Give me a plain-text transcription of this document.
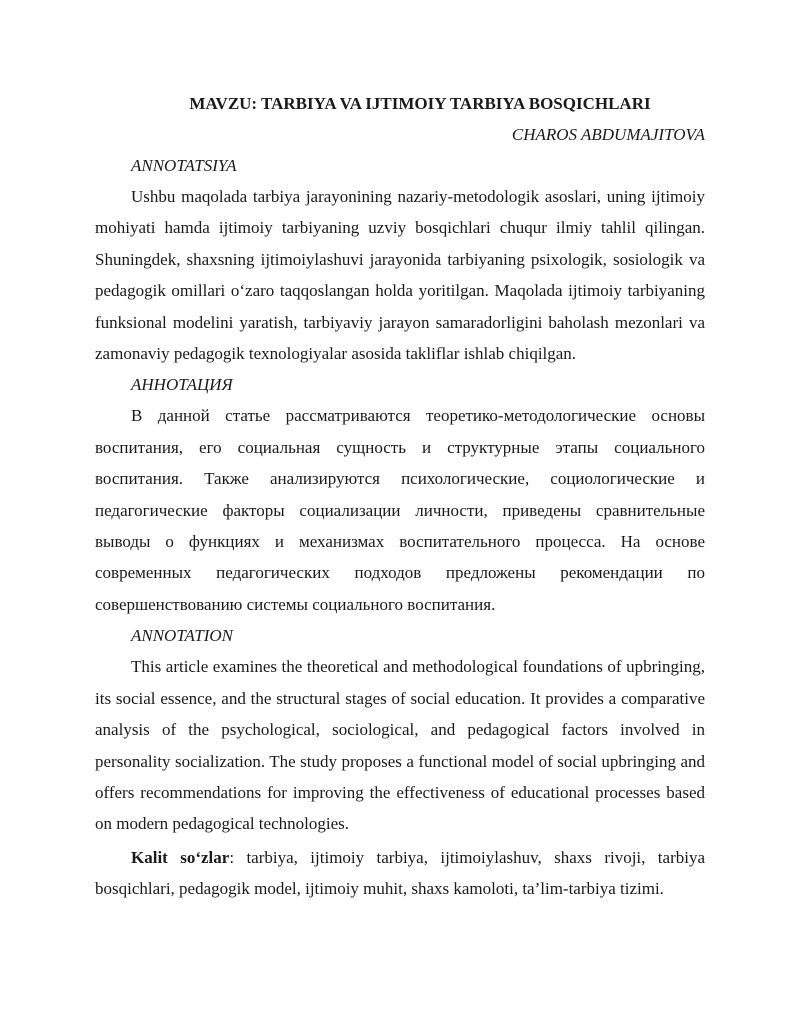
MAVZU: TARBIYA VA IJTIMOIY TARBIYA BOSQICHLARI

CHAROS ABDUMAJITOVA

ANNOTATSIYA

Ushbu maqolada tarbiya jarayonining nazariy-metodologik asoslari, uning ijtimoiy mohiyati hamda ijtimoiy tarbiyaning uzviy bosqichlari chuqur ilmiy tahlil qilingan. Shuningdek, shaxsning ijtimoiylashuvi jarayonida tarbiyaning psixologik, sosiologik va pedagogik omillari o‘zaro taqqoslangan holda yoritilgan. Maqolada ijtimoiy tarbiyaning funksional modelini yaratish, tarbiyaviy jarayon samaradorligini baholash mezonlari va zamonaviy pedagogik texnologiyalar asosida takliflar ishlab chiqilgan.

АННОТАЦИЯ

В данной статье рассматриваются теоретико-методологические основы воспитания, его социальная сущность и структурные этапы социального воспитания. Также анализируются психологические, социологические и педагогические факторы социализации личности, приведены сравнительные выводы о функциях и механизмах воспитательного процесса. На основе современных педагогических подходов предложены рекомендации по совершенствованию системы социального воспитания.

ANNOTATION

This article examines the theoretical and methodological foundations of upbringing, its social essence, and the structural stages of social education. It provides a comparative analysis of the psychological, sociological, and pedagogical factors involved in personality socialization. The study proposes a functional model of social upbringing and offers recommendations for improving the effectiveness of educational processes based on modern pedagogical technologies.

Kalit so‘zlar: tarbiya, ijtimoiy tarbiya, ijtimoiylashuv, shaxs rivoji, tarbiya bosqichlari, pedagogik model, ijtimoiy muhit, shaxs kamoloti, ta’lim-tarbiya tizimi.
